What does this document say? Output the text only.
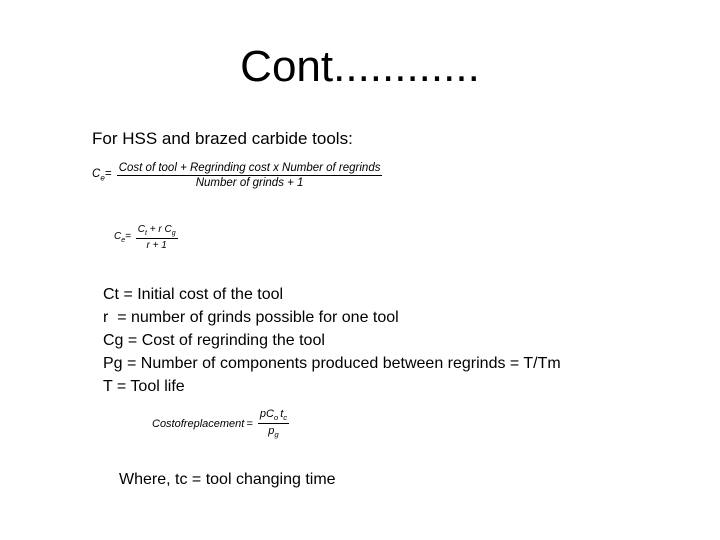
Cont............
For HSS and brazed carbide tools:
$C_e= \frac{\text{Cost of tool + Regrinding cost x Number of regrinds}}{\text{Number of grinds + 1}}$
$C_e= \frac{C_t + r C_g}{r + 1}$
Ct = Initial cost of the tool
r  = number of grinds possible for one tool
Cg = Cost of regrinding the tool
Pg = Number of components produced between regrinds = T/Tm
T = Tool life
Costofreplacement = $\frac{pC_o t_c}{p_g}$
Where, tc = tool changing time
